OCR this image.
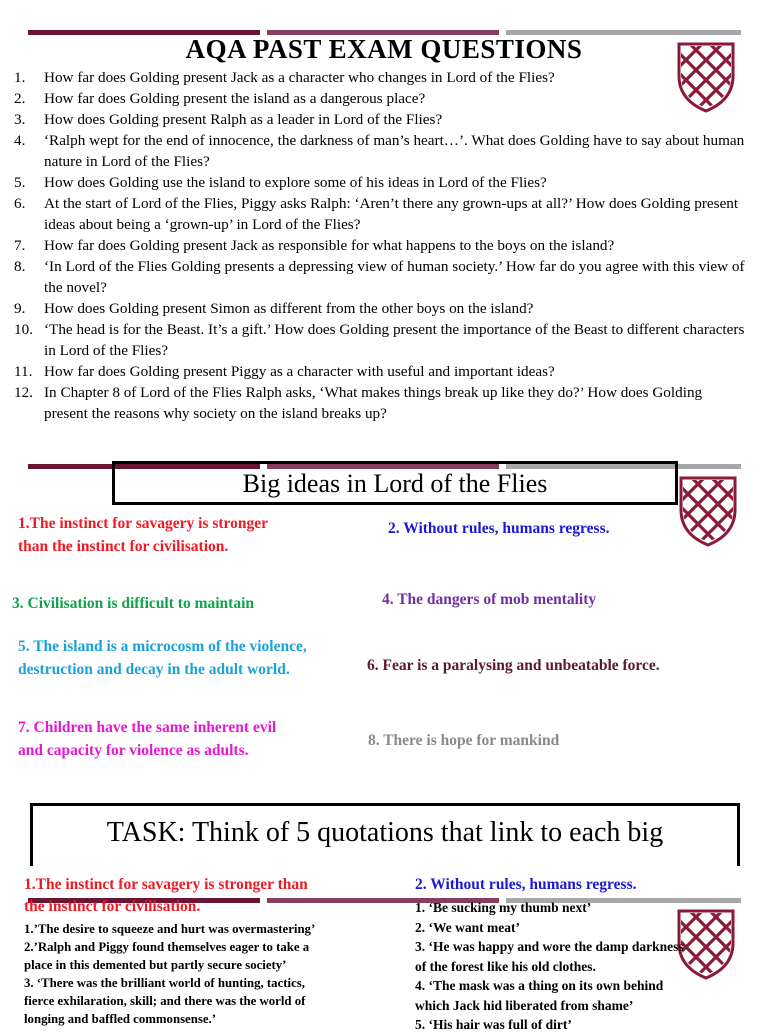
AQA PAST EXAM QUESTIONS
1.	How far does Golding present Jack as a character who changes in Lord of the Flies?
2.	How far does Golding present the island as a dangerous place?
3.	How does Golding present Ralph as a leader in Lord of the Flies?
4.	‘Ralph wept for the end of innocence, the darkness of man’s heart…’. What does Golding have to say about human nature in Lord of the Flies?
5.	How does Golding use the island to explore some of his ideas in Lord of the Flies?
6.	At the start of Lord of the Flies, Piggy asks Ralph: ‘Aren’t there any grown-ups at all?’ How does Golding present ideas about being a ‘grown-up’ in Lord of the Flies?
7.	How far does Golding present Jack as responsible for what happens to the boys on the island?
8.	‘In Lord of the Flies Golding presents a depressing view of human society.’ How far do you agree with this view of the novel?
9.	How does Golding present Simon as different from the other boys on the island?
10. ‘The head is for the Beast. It’s a gift.’ How does Golding present the importance of the Beast to different characters in Lord of the Flies?
11. How far does Golding present Piggy as a character with useful and important ideas?
12. In Chapter 8 of Lord of the Flies Ralph asks, ‘What makes things break up like they do?’ How does Golding present the reasons why society on the island breaks up?
Big ideas in Lord of the Flies
1.The instinct for savagery is stronger
than the instinct for civilisation.
2. Without rules, humans regress.
3. Civilisation is difficult to maintain	4. The dangers of mob mentality
5. The island is a microcosm of the violence,
destruction and decay in the adult world.	6. Fear is a paralysing and unbeatable force.
7. Children have the same inherent evil
and capacity for violence as adults.
8. There is hope for mankind
TASK: Think of 5 quotations that link to each big
1.The instinct for savagery is stronger than
the instinct for civilisation.
1.’The desire to squeeze and hurt was overmastering’
2.’Ralph and Piggy found themselves eager to take a
place in this demented but partly secure society’
3. ‘There was the brilliant world of hunting, tactics,
fierce exhilaration, skill; and there was the world of
longing and baffled commonsense.’
2. Without rules, humans regress.
1. ‘Be sucking my thumb next’
2. ‘We want meat’
3. ‘He was happy and wore the damp darkness
of the forest like his old clothes.
4. ‘The mask was a thing on its own behind
which Jack hid liberated from shame’
5. ‘His hair was full of dirt’
